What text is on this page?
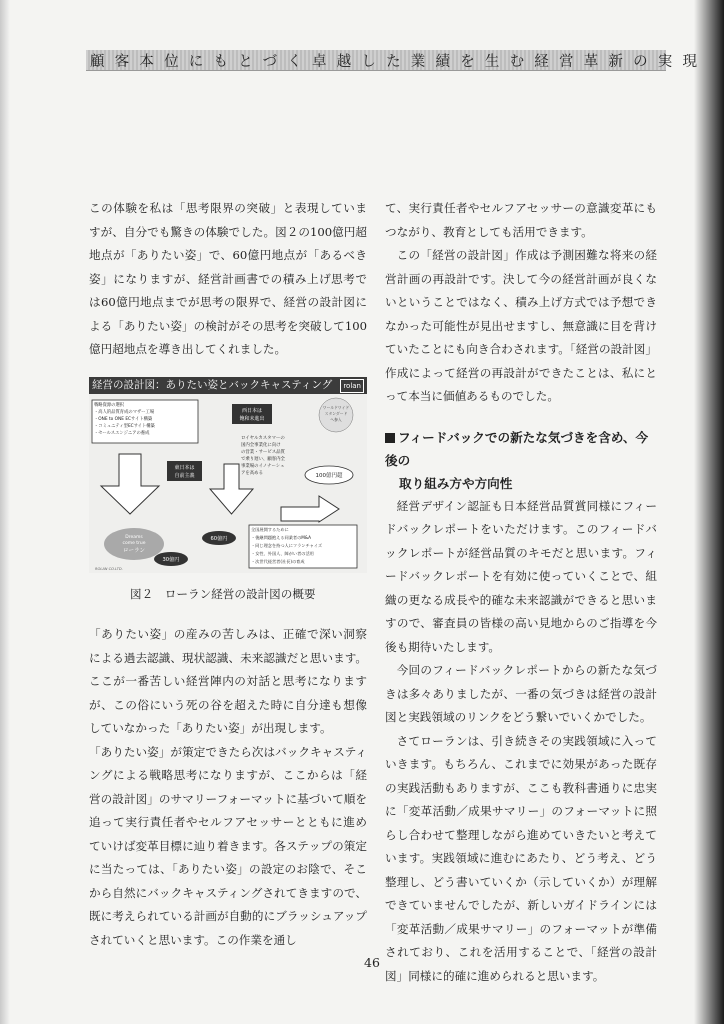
顧客本位にもとづく卓越した業績を生む経営革新の実現

この体験を私は「思考限界の突破」と表現していますが、自分でも驚きの体験でした。図２の100億円超地点が「ありたい姿」で、60億円地点が「あるべき姿」になりますが、経営計画書での積み上げ思考では60億円地点までが思考の限界で、経営の設計図による「ありたい姿」の検討がその思考を突破して100億円超地点を導き出してくれました。

経営の設計図：ありたい姿とバックキャスティング	rolan
戦略資源の選択
・高人的品質育成のマザー工場
・ONE to ONE ECサイト構築
・コミュニティ型ECサイト構築
・セールスエンジニアの養成
西日本は
飽和未進出
ワールドワイド
スタンダード
へ参入
ロイヤルカスタマーの
国内全事業化に向け
の営業・サービス品質
で乗り遅い、顧客内全
事業場のイノナーシェ
アを高める
東日本は
自前主義	100億円超
全国展開するために
・後継問題抱える同業者のM&A
・同じ理念を持つ人にフランチャイズ
・女性、外国人、障がい者の活用
・次世代経営者(社長)の育成
60億円
Dreams
come true
ローラン
30億円
ROLAN CO.LTD.
図２　ローラン経営の設計図の概要

「ありたい姿」の産みの苦しみは、正確で深い洞察による過去認識、現状認識、未来認識だと思います。ここが一番苦しい経営陣内の対話と思考になりますが、この俗にいう死の谷を超えた時に自分達も想像していなかった「ありたい姿」が出現します。

「ありたい姿」が策定できたら次はバックキャスティングによる戦略思考になりますが、ここからは「経営の設計図」のサマリーフォーマットに基づいて順を追って実行責任者やセルフアセッサーとともに進めていけば変革目標に辿り着きます。各ステップの策定に当たっては、「ありたい姿」の設定のお陰で、そこから自然にバックキャスティングされてきますので、既に考えられている計画が自動的にブラッシュアップされていくと思います。この作業を通し

て、実行責任者やセルフアセッサーの意識変革にもつながり、教育としても活用できます。

この「経営の設計図」作成は予測困難な将来の経営計画の再設計です。決して今の経営計画が良くないということではなく、積み上げ方式では予想できなかった可能性が見出せますし、無意識に目を背けていたことにも向き合わされます。「経営の設計図」作成によって経営の再設計ができたことは、私にとって本当に価値あるものでした。

フィードバックでの新たな気づきを含め、今後の

取り組み方や方向性

経営デザイン認証も日本経営品質賞同様にフィードバックレポートをいただけます。このフィードバックレポートが経営品質のキモだと思います。フィードバックレポートを有効に使っていくことで、組織の更なる成長や的確な未来認識ができると思いますので、審査員の皆様の高い見地からのご指導を今後も期待いたします。

今回のフィードバックレポートからの新たな気づきは多々ありましたが、一番の気づきは経営の設計図と実践領域のリンクをどう繋いでいくかでした。

さてローランは、引き続きその実践領域に入っていきます。もちろん、これまでに効果があった既存の実践活動もありますが、ここも教科書通りに忠実に「変革活動／成果サマリー」のフォーマットに照らし合わせて整理しながら進めていきたいと考えています。実践領域に進むにあたり、どう考え、どう整理し、どう書いていくか（示していくか）が理解できていませんでしたが、新しいガイドラインには「変革活動／成果サマリー」のフォーマットが準備されており、これを活用することで、「経営の設計図」同様に的確に進められると思います。

46
